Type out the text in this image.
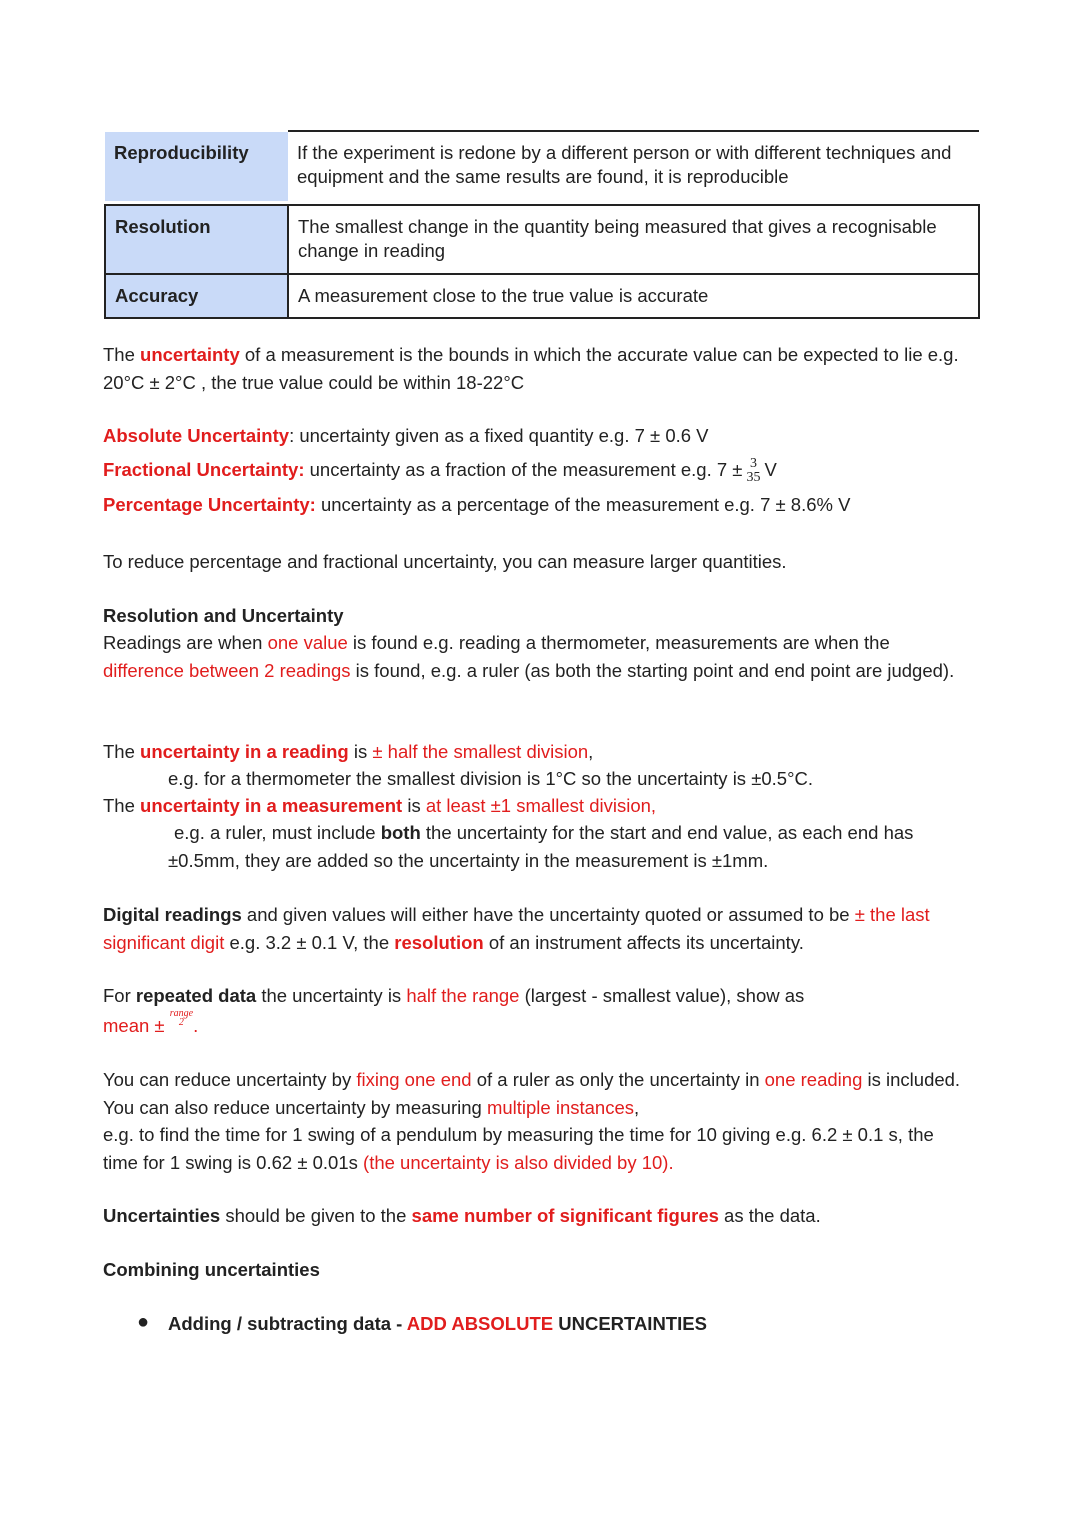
Reproducibility	If the experiment is redone by a different person or with different techniques and equipment and the same results are found, it is reproducible

Resolution	The smallest change in the quantity being measured that gives a recognisable change in reading
Accuracy	A measurement close to the true value is accurate

The uncertainty of a measurement is the bounds in which the accurate value can be expected to lie e.g. 20°C ± 2°C , the true value could be within 18-22°C

Absolute Uncertainty: uncertainty given as a fixed quantity e.g. 7 ± 0.6 V

Fractional Uncertainty: uncertainty as a fraction of the measurement e.g. 7 ± 3
35 V

Percentage Uncertainty: uncertainty as a percentage of the measurement e.g. 7 ± 8.6% V

To reduce percentage and fractional uncertainty, you can measure larger quantities.

Resolution and Uncertainty

Readings are when one value is found e.g. reading a thermometer, measurements are when the difference between 2 readings is found, e.g. a ruler (as both the starting point and end point are judged).

The uncertainty in a reading is ± half the smallest division,

e.g. for a thermometer the smallest division is 1°C so the uncertainty is ±0.5°C.

The uncertainty in a measurement is at least ±1 smallest division,

e.g. a ruler, must include both the uncertainty for the start and end value, as each end has ±0.5mm, they are added so the uncertainty in the measurement is ±1mm.

Digital readings and given values will either have the uncertainty quoted or assumed to be ± the last significant digit e.g. 3.2 ± 0.1 V, the resolution of an instrument affects its uncertainty.

For repeated data the uncertainty is half the range (largest - smallest value), show as

mean ±
range
2 .

You can reduce uncertainty by fixing one end of a ruler as only the uncertainty in one reading is included. You can also reduce uncertainty by measuring multiple instances,
e.g. to find the time for 1 swing of a pendulum by measuring the time for 10 giving e.g. 6.2 ± 0.1 s, the time for 1 swing is 0.62 ± 0.01s (the uncertainty is also divided by 10).

Uncertainties should be given to the same number of significant figures as the data.

Combining uncertainties

● Adding / subtracting data - ADD ABSOLUTE UNCERTAINTIES
